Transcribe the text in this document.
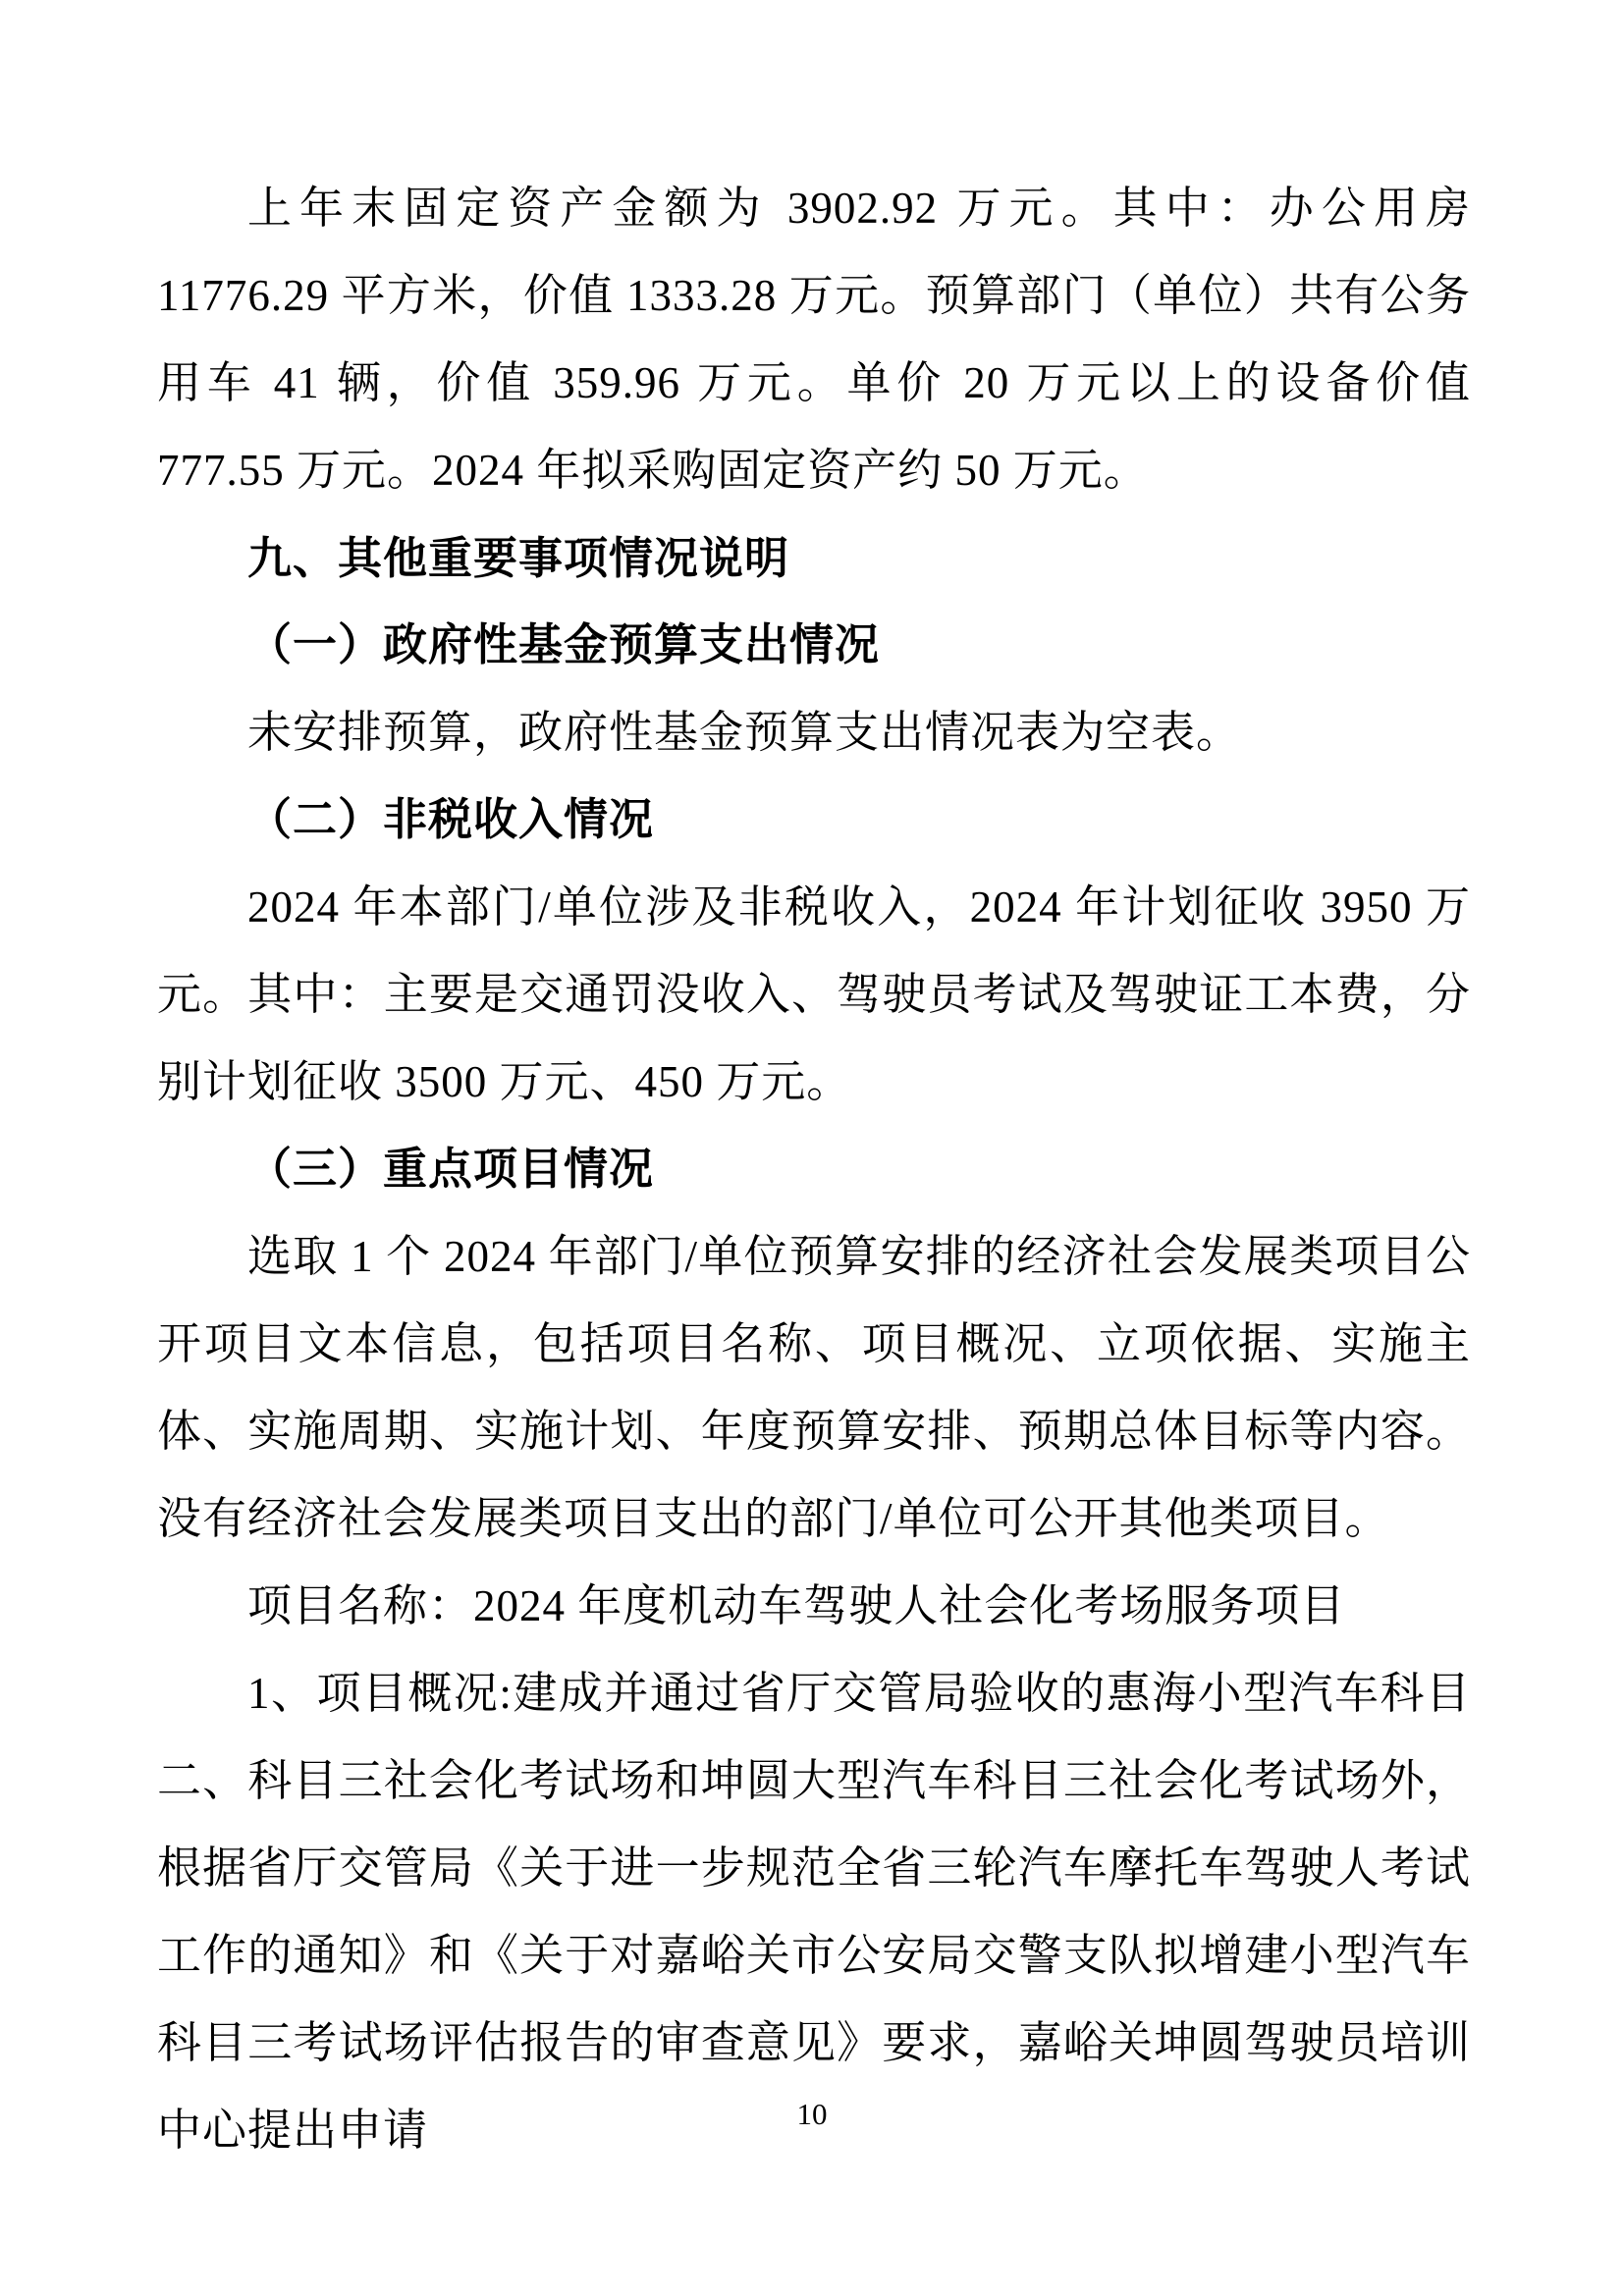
上年末固定资产金额为 3902.92 万元。其中：办公用房 11776.29 平方米，价值 1333.28 万元。预算部门（单位）共有公务用车 41 辆，价值 359.96 万元。单价 20 万元以上的设备价值 777.55 万元。2024 年拟采购固定资产约 50 万元。

九、其他重要事项情况说明

（一）政府性基金预算支出情况

未安排预算，政府性基金预算支出情况表为空表。

（二）非税收入情况

2024 年本部门/单位涉及非税收入，2024 年计划征收 3950 万元。其中：主要是交通罚没收入、驾驶员考试及驾驶证工本费，分别计划征收 3500 万元、450 万元。

（三）重点项目情况

选取 1 个 2024 年部门/单位预算安排的经济社会发展类项目公开项目文本信息，包括项目名称、项目概况、立项依据、实施主体、实施周期、实施计划、年度预算安排、预期总体目标等内容。没有经济社会发展类项目支出的部门/单位可公开其他类项目。

项目名称：2024 年度机动车驾驶人社会化考场服务项目

1、项目概况:建成并通过省厅交管局验收的惠海小型汽车科目二、科目三社会化考试场和坤圆大型汽车科目三社会化考试场外，根据省厅交管局《关于进一步规范全省三轮汽车摩托车驾驶人考试工作的通知》和《关于对嘉峪关市公安局交警支队拟增建小型汽车科目三考试场评估报告的审查意见》要求，嘉峪关坤圆驾驶员培训中心提出申请	10
